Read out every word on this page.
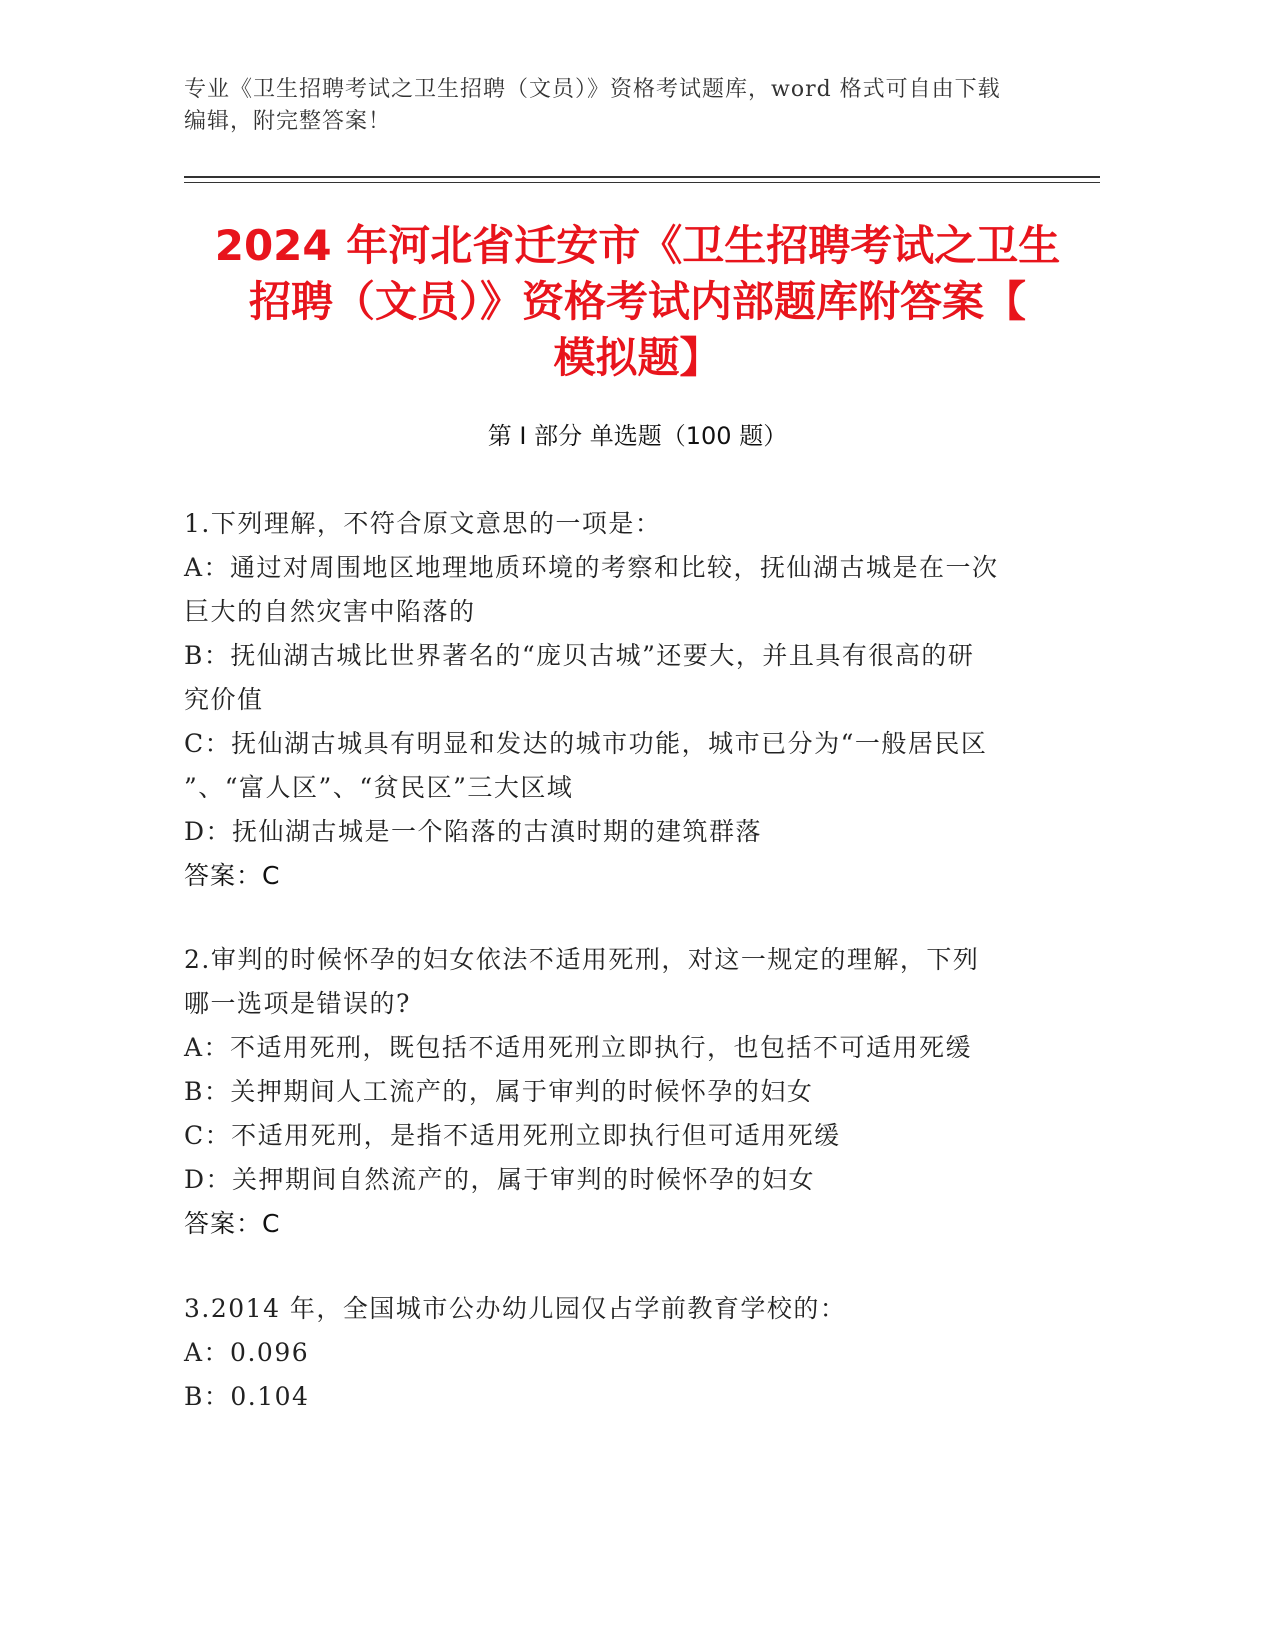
专业《卫生招聘考试之卫生招聘（文员）》资格考试题库，word 格式可自由下载
编辑，附完整答案！
2024 年河北省迁安市《卫生招聘考试之卫生
招聘（文员）》资格考试内部题库附答案【
模拟题】
第 I 部分 单选题（100 题）
1.下列理解，不符合原文意思的一项是：
A：通过对周围地区地理地质环境的考察和比较，抚仙湖古城是在一次
巨大的自然灾害中陷落的
B：抚仙湖古城比世界著名的“庞贝古城”还要大，并且具有很高的研
究价值
C：抚仙湖古城具有明显和发达的城市功能，城市已分为“一般居民区
”、“富人区”、“贫民区”三大区域
D：抚仙湖古城是一个陷落的古滇时期的建筑群落
答案：C
2.审判的时候怀孕的妇女依法不适用死刑，对这一规定的理解，下列
哪一选项是错误的?
A：不适用死刑，既包括不适用死刑立即执行，也包括不可适用死缓
B：关押期间人工流产的，属于审判的时候怀孕的妇女
C：不适用死刑，是指不适用死刑立即执行但可适用死缓
D：关押期间自然流产的，属于审判的时候怀孕的妇女
答案：C
3.2014 年，全国城市公办幼儿园仅占学前教育学校的：
A：0.096
B：0.104
